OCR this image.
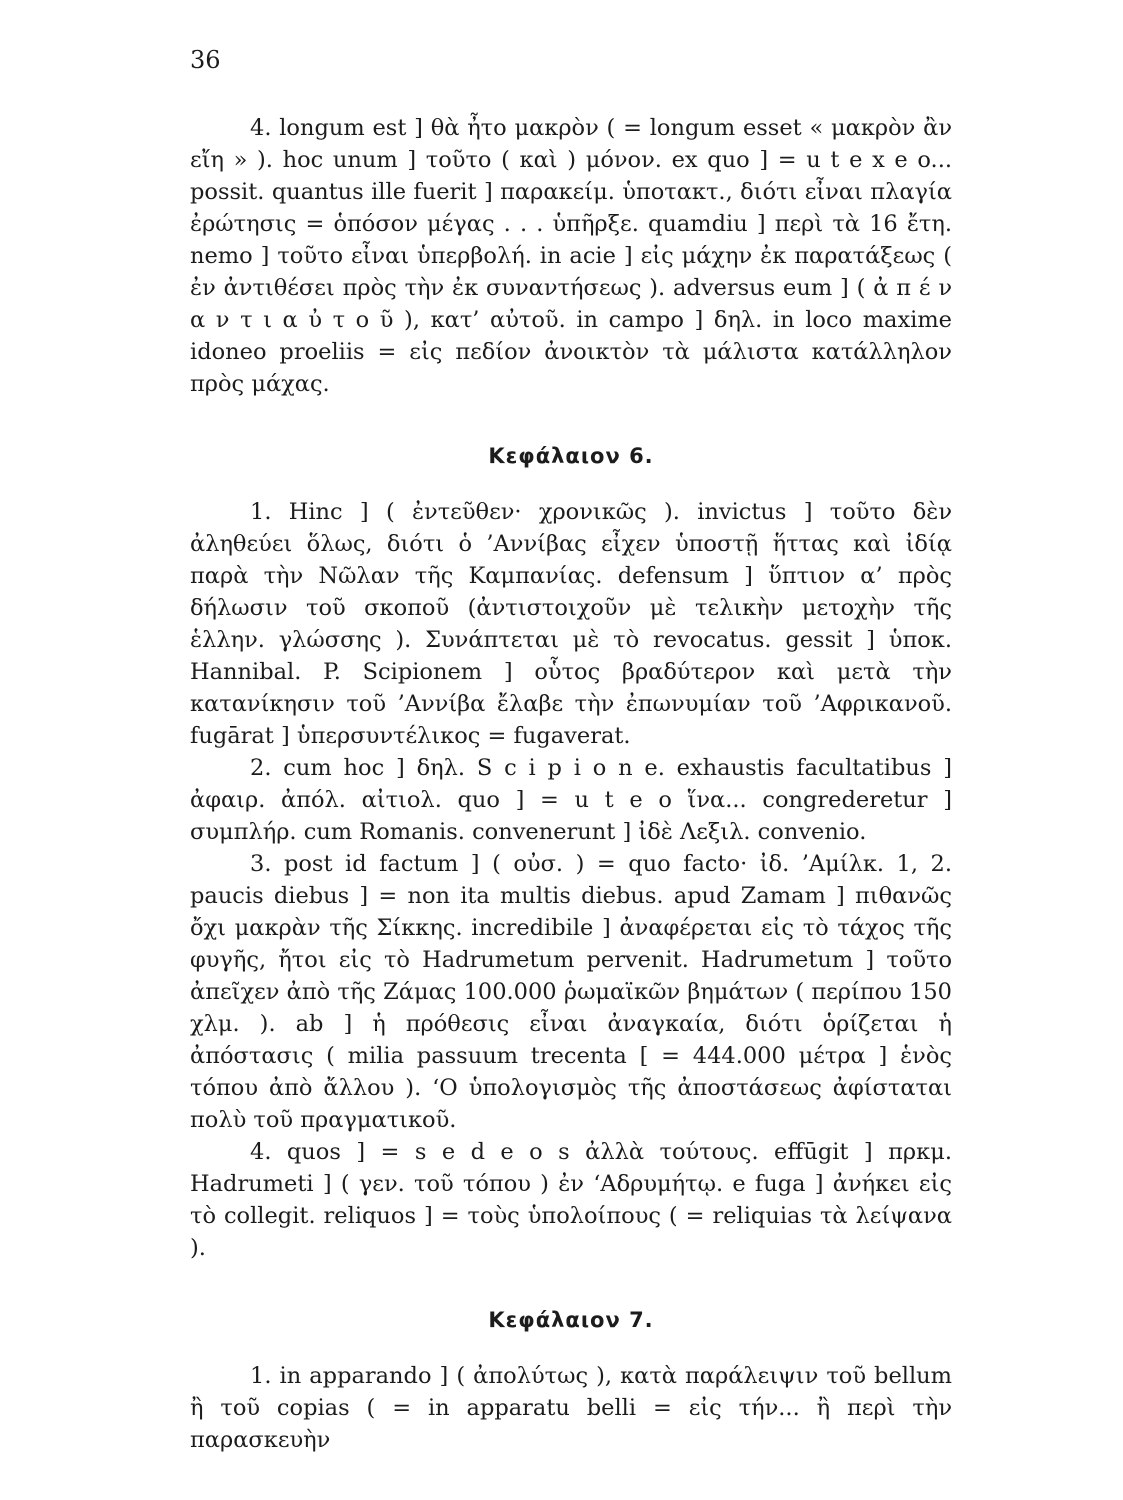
36

4. longum est ] θὰ ἦτο μακρὸν ( = longum esset « μακρὸν ἂν εἴη » ). hoc unum ] τοῦτο ( καὶ ) μόνον. ex quo ] = u t e x e o... possit. quantus ille fuerit ] παρακείμ. ὑποτακτ., διότι εἶναι πλαγία ἐρώτησις = ὁπόσον μέγας . . . ὑπῆρξε. quamdiu ] περὶ τὰ 16 ἔτη. nemo ] τοῦτο εἶναι ὑπερβολή. in acie ] εἰς μάχην ἐκ παρατάξεως ( ἐν ἀντιθέσει πρὸς τὴν ἐκ συναντήσεως ). adversus eum ] ( ἀ π έ ν α ν τ ι α ὐ τ ο ῦ ), κατ’ αὐτοῦ. in campo ] δηλ. in loco maxime idoneo proeliis = εἰς πεδίον ἀνοικτὸν τὰ μάλιστα κατάλληλον πρὸς μάχας.

Κεφάλαιον 6.

1. Hinc ] ( ἐντεῦθεν· χρονικῶς ). invictus ] τοῦτο δὲν ἀληθεύει ὅλως, διότι ὁ ’Αννίβας εἶχεν ὑποστῇ ἥττας καὶ ἰδίᾳ παρὰ τὴν Νῶλαν τῆς Καμπανίας. defensum ] ὕπτιον α’ πρὸς δήλωσιν τοῦ σκοποῦ (ἀντιστοιχοῦν μὲ τελικὴν μετοχὴν τῆς ἑλλην. γλώσσης ). Συνάπτεται μὲ τὸ revocatus. gessit ] ὑποκ. Hannibal. P. Scipionem ] οὗτος βραδύτερον καὶ μετὰ τὴν κατανίκησιν τοῦ ’Αννίβα ἔλαβε τὴν ἐπωνυμίαν τοῦ ’Αφρικανοῦ. fugārat ] ὑπερσυντέλικος = fugaverat.

2. cum hoc ] δηλ. S c i p i o n e. exhaustis facultatibus ] ἀφαιρ. ἀπόλ. αἰτιολ. quo ] = u t e o ἵνα... congrederetur ] συμπλήρ. cum Romanis. convenerunt ] ἰδὲ Λεξιλ. convenio.

3. post id factum ] ( οὐσ. ) = quo facto· ἰδ. ’Αμίλκ. 1, 2. paucis diebus ] = non ita multis diebus. apud Zamam ] πιθανῶς ὄχι μακρὰν τῆς Σίκκης. incredibile ] ἀναφέρεται εἰς τὸ τάχος τῆς φυγῆς, ἤτοι εἰς τὸ Hadrumetum pervenit. Hadrumetum ] τοῦτο ἀπεῖχεν ἀπὸ τῆς Ζάμας 100.000 ῥωμαϊκῶν βημάτων ( περίπου 150 χλμ. ). ab ] ἡ πρόθεσις εἶναι ἀναγκαία, διότι ὁρίζεται ἡ ἀπόστασις ( milia passuum trecenta [ = 444.000 μέτρα ] ἑνὸς τόπου ἀπὸ ἄλλου ). ‘Ο ὑπολογισμὸς τῆς ἀποστάσεως ἀφίσταται πολὺ τοῦ πραγματικοῦ.

4. quos ] = s e d e o s ἀλλὰ τούτους. effūgit ] πρκμ. Hadrumeti ] ( γεν. τοῦ τόπου ) ἐν ‘Αδρυμήτῳ. e fuga ] ἀνήκει εἰς τὸ collegit. reliquos ] = τοὺς ὑπολοίπους ( = reliquias τὰ λείψανα ).

Κεφάλαιον 7.

1. in apparando ] ( ἀπολύτως ), κατὰ παράλειψιν τοῦ bellum ἢ τοῦ copias ( = in apparatu belli = εἰς τήν... ἢ περὶ τὴν παρασκευὴν
